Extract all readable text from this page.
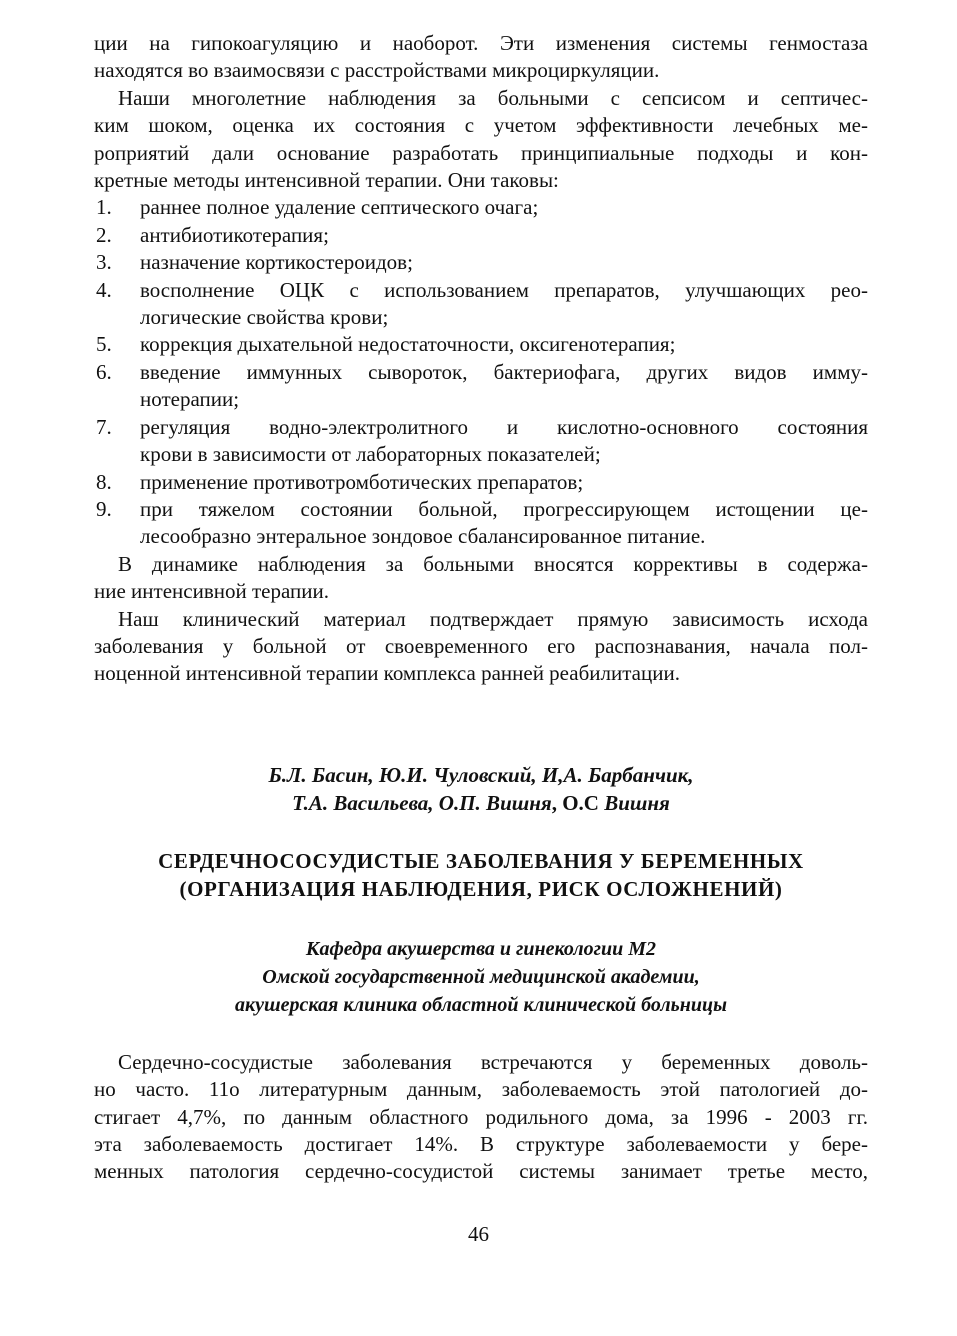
ции на гипокоагуляцию и наоборот. Эти изменения системы генмостаза
находятся во взаимосвязи с расстройствами микроциркуляции.
Наши многолетние наблюдения за больными с сепсисом и септичес-
ким шоком, оценка их состояния с учетом эффективности лечебных ме-
роприятий дали основание разработать принципиальные подходы и кон-
кретные методы интенсивной терапии. Они таковы:
1.	раннее полное удаление септического очага;
2.	антибиотикотерапия;
3.	назначение кортикостероидов;
4.	восполнение ОЦК с использованием препаратов, улучшающих рео-
логические свойства крови;
5.	коррекция дыхательной недостаточности, оксигенотерапия;
6.	введение иммунных сывороток, бактериофага, других видов имму-
нотерапии;
7.	регуляция водно-электролитного и кислотно-основного состояния
крови в зависимости от лабораторных показателей;
8.	применение противотромботических препаратов;
9.	при тяжелом состоянии больной, прогрессирующем истощении це-
лесообразно энтеральное зондовое сбалансированное питание.
В динамике наблюдения за больными вносятся коррективы в содержа-
ние интенсивной терапии.
Наш клинический материал подтверждает прямую зависимость исхода
заболевания у больной от своевременного его распознавания, начала пол-
ноценной интенсивной терапии комплекса ранней реабилитации.
Б.Л. Басин, Ю.И. Чуловский, И,А. Барбанчик,
Т.А. Васильева, О.П. Вишня, О.С Вишня
СЕРДЕЧНОСОСУДИСТЫЕ ЗАБОЛЕВАНИЯ У БЕРЕМЕННЫХ
(ОРГАНИЗАЦИЯ НАБЛЮДЕНИЯ, РИСК ОСЛОЖНЕНИЙ)
Кафедра акушерства и гинекологии М2
Омской государственной медицинской академии,
акушерская клиника областной клинической больницы
Сердечно-сосудистые заболевания встречаются у беременных доволь-
но часто. 11о литературным данным, заболеваемость этой патологией до-
стигает 4,7%, по данным областного родильного дома, за 1996 - 2003 гг.
эта заболеваемость достигает 14%. В структуре заболеваемости у бере-
менных патология сердечно-сосудистой системы занимает третье место,
46
